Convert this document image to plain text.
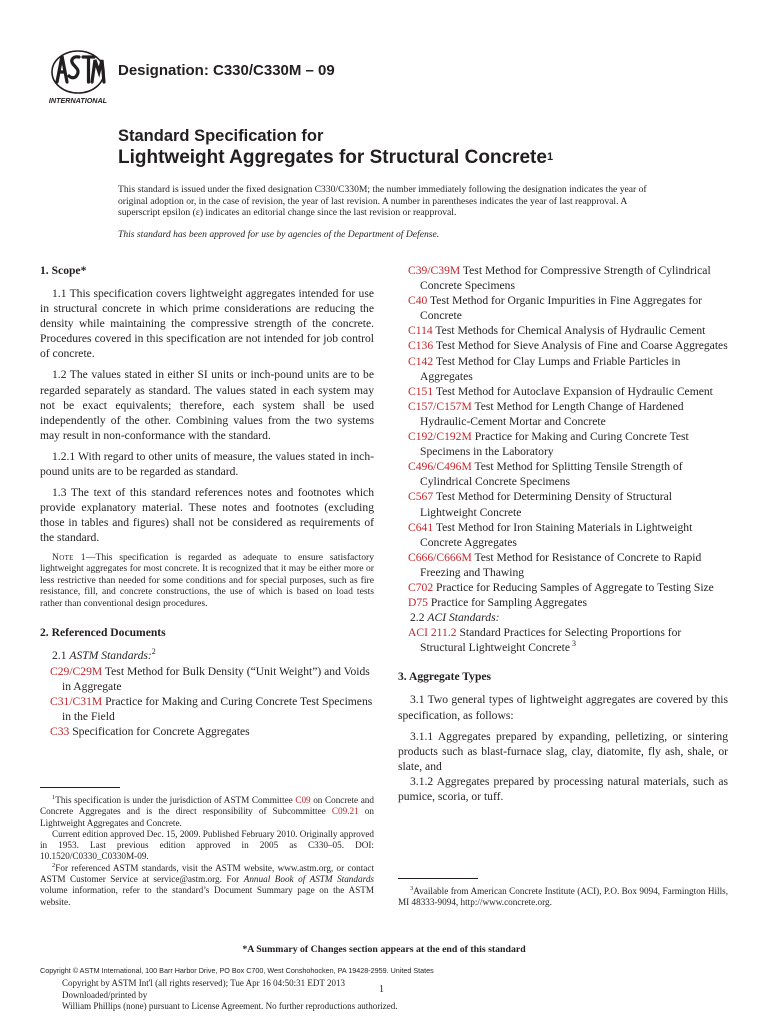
INTERNATIONAL
Designation: C330/C330M – 09
Standard Specification for
Lightweight Aggregates for Structural Concrete$^1$
This standard is issued under the fixed designation C330/C330M; the number immediately following the designation indicates the year of original adoption or, in the case of revision, the year of last revision. A number in parentheses indicates the year of last reapproval. A superscript epsilon (ε) indicates an editorial change since the last revision or reapproval.
This standard has been approved for use by agencies of the Department of Defense.
1. Scope*
1.1 This specification covers lightweight aggregates intended for use in structural concrete in which prime considerations are reducing the density while maintaining the compressive strength of the concrete. Procedures covered in this specification are not intended for job control of concrete.
1.2 The values stated in either SI units or inch-pound units are to be regarded separately as standard. The values stated in each system may not be exact equivalents; therefore, each system shall be used independently of the other. Combining values from the two systems may result in non-conformance with the standard.
1.2.1 With regard to other units of measure, the values stated in inch-pound units are to be regarded as standard.
1.3 The text of this standard references notes and footnotes which provide explanatory material. These notes and footnotes (excluding those in tables and figures) shall not be considered as requirements of the standard.
Note 1—This specification is regarded as adequate to ensure satisfactory lightweight aggregates for most concrete. It is recognized that it may be either more or less restrictive than needed for some conditions and for special purposes, such as fire resistance, fill, and concrete constructions, the use of which is based on load tests rather than conventional design procedures.
2. Referenced Documents
2.1 ASTM Standards:$^2$
C29/C29M Test Method for Bulk Density (“Unit Weight”) and Voids in Aggregate
C31/C31M Practice for Making and Curing Concrete Test Specimens in the Field
C33 Specification for Concrete Aggregates
C39/C39M Test Method for Compressive Strength of Cylindrical Concrete Specimens
C40 Test Method for Organic Impurities in Fine Aggregates for Concrete
C114 Test Methods for Chemical Analysis of Hydraulic Cement
C136 Test Method for Sieve Analysis of Fine and Coarse Aggregates
C142 Test Method for Clay Lumps and Friable Particles in Aggregates
C151 Test Method for Autoclave Expansion of Hydraulic Cement
C157/C157M Test Method for Length Change of Hardened Hydraulic-Cement Mortar and Concrete
C192/C192M Practice for Making and Curing Concrete Test Specimens in the Laboratory
C496/C496M Test Method for Splitting Tensile Strength of Cylindrical Concrete Specimens
C567 Test Method for Determining Density of Structural Lightweight Concrete
C641 Test Method for Iron Staining Materials in Lightweight Concrete Aggregates
C666/C666M Test Method for Resistance of Concrete to Rapid Freezing and Thawing
C702 Practice for Reducing Samples of Aggregate to Testing Size
D75 Practice for Sampling Aggregates
2.2 ACI Standards:
ACI 211.2 Standard Practices for Selecting Proportions for Structural Lightweight Concrete $^3$
3. Aggregate Types
3.1 Two general types of lightweight aggregates are covered by this specification, as follows:
3.1.1 Aggregates prepared by expanding, pelletizing, or sintering products such as blast-furnace slag, clay, diatomite, fly ash, shale, or slate, and
3.1.2 Aggregates prepared by processing natural materials, such as pumice, scoria, or tuff.
$^1$This specification is under the jurisdiction of ASTM Committee C09 on Concrete and Concrete Aggregates and is the direct responsibility of Subcommittee C09.21 on Lightweight Aggregates and Concrete.
Current edition approved Dec. 15, 2009. Published February 2010. Originally approved in 1953. Last previous edition approved in 2005 as C330–05. DOI: 10.1520/C0330_C0330M-09.
$^2$For referenced ASTM standards, visit the ASTM website, www.astm.org, or contact ASTM Customer Service at service@astm.org. For Annual Book of ASTM Standards volume information, refer to the standard’s Document Summary page on the ASTM website.
$^3$Available from American Concrete Institute (ACI), P.O. Box 9094, Farmington Hills, MI 48333-9094, http://www.concrete.org.
*A Summary of Changes section appears at the end of this standard
Copyright © ASTM International, 100 Barr Harbor Drive, PO Box C700, West Conshohocken, PA 19428-2959. United States
Copyright by ASTM Int'l (all rights reserved); Tue Apr 16 04:50:31 EDT 2013
Downloaded/printed by
William Phillips (none) pursuant to License Agreement. No further reproductions authorized.
1
